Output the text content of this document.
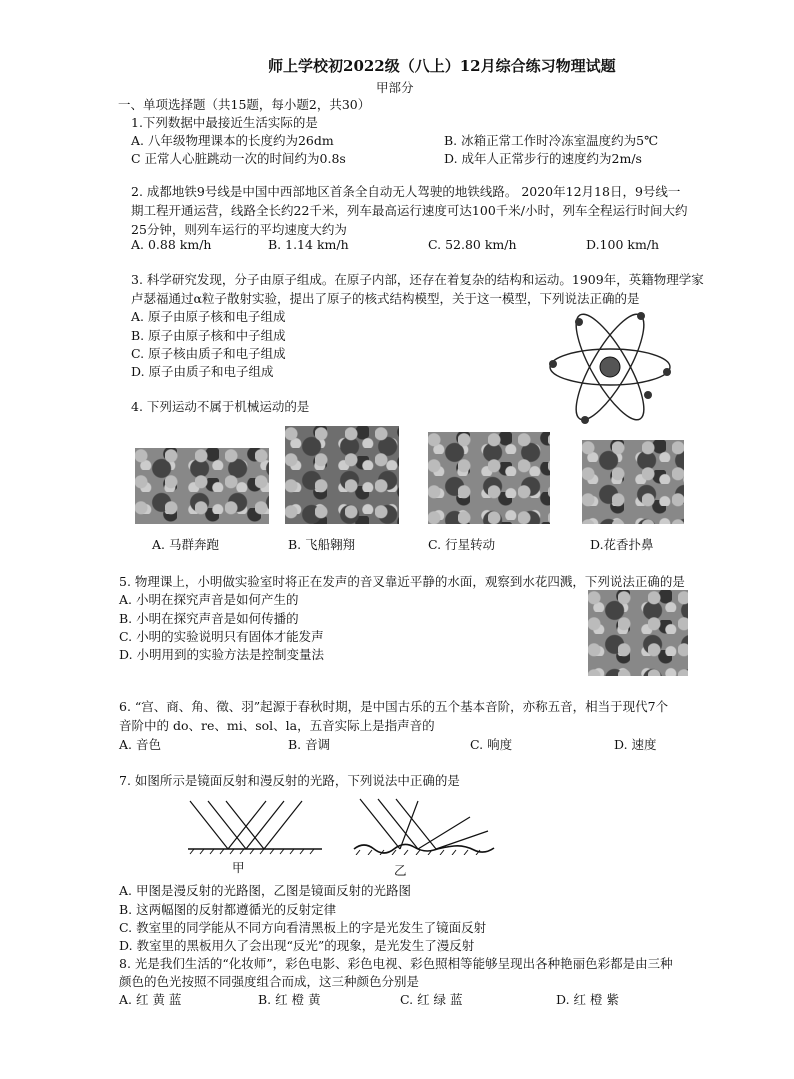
师上学校初2022级（八上）12月综合练习物理试题
甲部分
一、单项选择题（共15题，每小题2，共30）
1.下列数据中最接近生活实际的是
A. 八年级物理课本的长度约为26dm	B. 冰箱正常工作时冷冻室温度约为5℃
C 正常人心脏跳动一次的时间约为0.8s	D. 成年人正常步行的速度约为2m/s
2. 成都地铁9号线是中国中西部地区首条全自动无人驾驶的地铁线路。 2020年12月18日，9号线一
期工程开通运营，线路全长约22千米，列车最高运行速度可达100千米/小时，列车全程运行时间大约
25分钟，则列车运行的平均速度大约为
A. 0.88 km/h	B. 1.14 km/h	C. 52.80 km/h	D.100 km/h
3. 科学研究发现，分子由原子组成。在原子内部，还存在着复杂的结构和运动。1909年，英籍物理学家
卢瑟福通过α粒子散射实验，提出了原子的核式结构模型，关于这一模型，下列说法正确的是
A. 原子由原子核和电子组成
B. 原子由原子核和中子组成
C. 原子核由质子和电子组成
D. 原子由质子和电子组成
4. 下列运动不属于机械运动的是
A. 马群奔跑	B. 飞船翱翔	C. 行星转动	D.花香扑鼻
5. 物理课上，小明做实验室时将正在发声的音叉靠近平静的水面，观察到水花四溅，下列说法正确的是
A. 小明在探究声音是如何产生的
B. 小明在探究声音是如何传播的
C. 小明的实验说明只有固体才能发声
D. 小明用到的实验方法是控制变量法
6. “宫、商、角、徵、羽”起源于春秋时期，是中国古乐的五个基本音阶，亦称五音，相当于现代7个
音阶中的 do、re、mi、sol、la，五音实际上是指声音的
A. 音色	B. 音调	C. 响度	D. 速度
7. 如图所示是镜面反射和漫反射的光路，下列说法中正确的是
甲	乙
A. 甲图是漫反射的光路图，乙图是镜面反射的光路图
B. 这两幅图的反射都遵循光的反射定律
C. 教室里的同学能从不同方向看清黑板上的字是光发生了镜面反射
D. 教室里的黑板用久了会出现“反光”的现象，是光发生了漫反射
8. 光是我们生活的“化妆师”，彩色电影、彩色电视、彩色照相等能够呈现出各种艳丽色彩都是由三种
颜色的色光按照不同强度组合而成，这三种颜色分别是
A. 红 黄 蓝	B. 红 橙 黄	C. 红 绿 蓝	D. 红 橙 紫
